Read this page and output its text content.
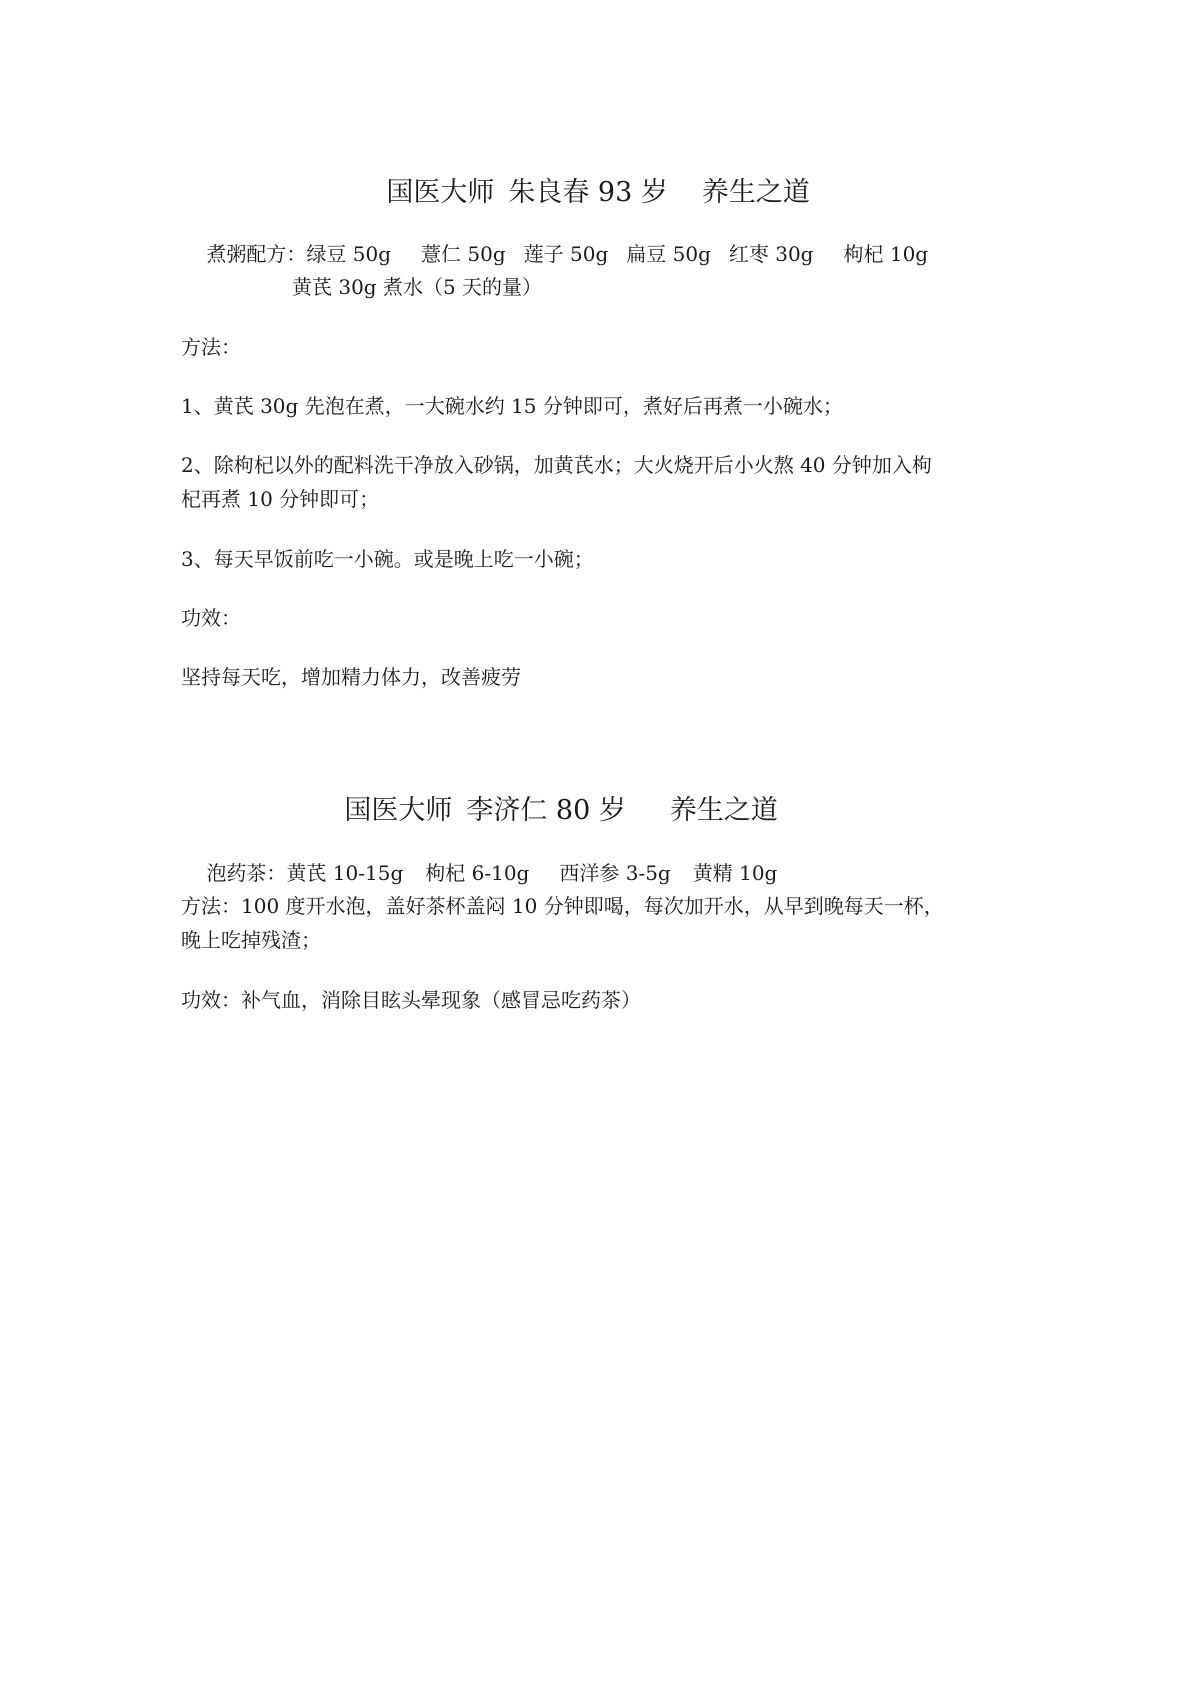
国医大师 朱良春 93 岁 养生之道

煮粥配方：绿豆 50g 薏仁 50g 莲子 50g 扁豆 50g 红枣 30g 枸杞 10g

黄芪 30g 煮水（5 天的量）
方法：
1、黄芪 30g 先泡在煮，一大碗水约 15 分钟即可，煮好后再煮一小碗水；
2、除枸杞以外的配料洗干净放入砂锅，加黄芪水；大火烧开后小火熬 40 分钟加入枸
杞再煮 10 分钟即可；
3、每天早饭前吃一小碗。或是晚上吃一小碗；
功效：
坚持每天吃，增加精力体力，改善疲劳

国医大师 李济仁 80 岁 养生之道

泡药茶：黄芪 10-15g 枸杞 6-10g 西洋参 3-5g 黄精 10g

方法：100 度开水泡，盖好茶杯盖闷 10 分钟即喝，每次加开水，从早到晚每天一杯，
晚上吃掉残渣；
功效：补气血，消除目眩头晕现象（感冒忌吃药茶）
